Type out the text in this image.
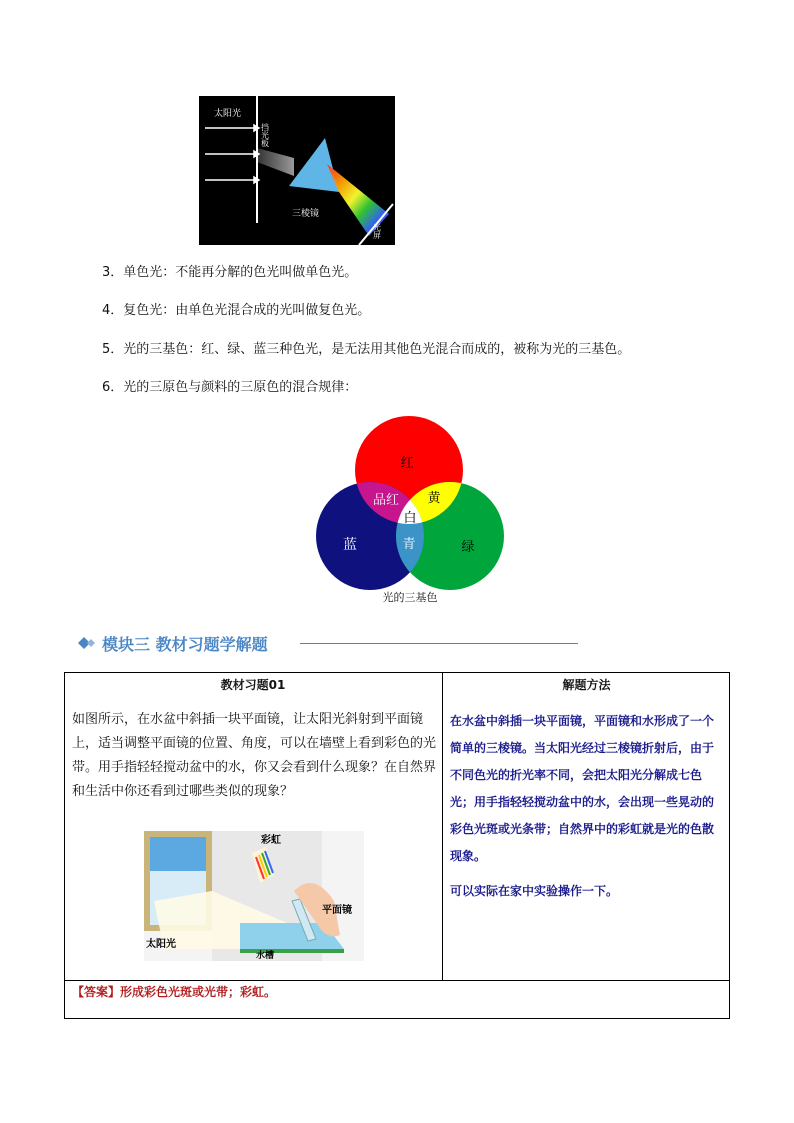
太阳光
挡光板
三棱镜
光屏
3．单色光：不能再分解的色光叫做单色光。
4．复色光：由单色光混合成的光叫做复色光。
5．光的三基色：红、绿、蓝三种色光，是无法用其他色光混合而成的，被称为光的三基色。
6．光的三原色与颜料的三原色的混合规律：
红
品红 黄
白
蓝	青	绿
光的三基色
模块三 教材习题学解题
教材习题01	解题方法
如图所示，在水盆中斜插一块平面镜，让太阳光斜射到平面镜上，适当调整平面镜的位置、角度，可以在墙壁上看到彩色的光带。用手指轻轻搅动盆中的水，你又会看到什么现象？在自然界和生活中你还看到过哪些类似的现象？
彩虹
平面镜
太阳光
水槽
在水盆中斜插一块平面镜，平面镜和水形成了一个简单的三棱镜。当太阳光经过三棱镜折射后，由于不同色光的折光率不同，会把太阳光分解成七色光；用手指轻轻搅动盆中的水，会出现一些晃动的彩色光斑或光条带；自然界中的彩虹就是光的色散现象。
可以实际在家中实验操作一下。
【答案】形成彩色光斑或光带；彩虹。
